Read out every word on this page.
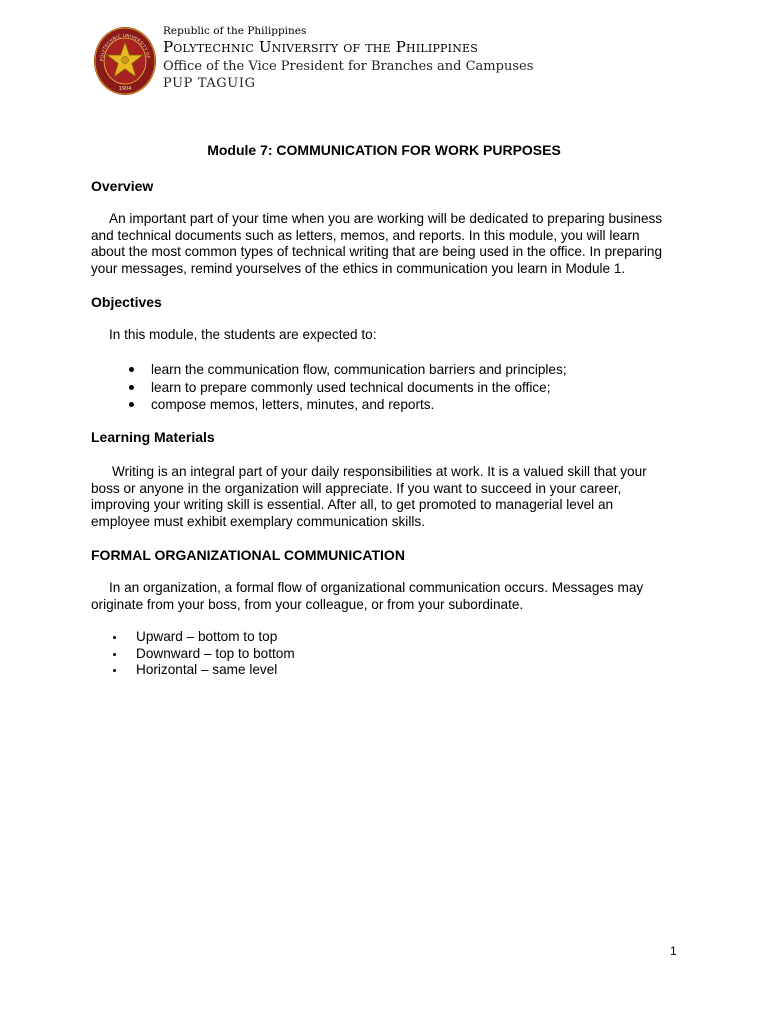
POLYTECHNIC UNIVERSITY OF
1904
Republic of the Philippines
Polytechnic University of the Philippines
Office of the Vice President for Branches and Campuses
PUP TAGUIG
Module 7: COMMUNICATION FOR WORK PURPOSES
Overview
An important part of your time when you are working will be dedicated to preparing business
and technical documents such as letters, memos, and reports. In this module, you will learn
about the most common types of technical writing that are being used in the office. In preparing
your messages, remind yourselves of the ethics in communication you learn in Module 1.
Objectives
In this module, the students are expected to:
learn the communication flow, communication barriers and principles;
learn to prepare commonly used technical documents in the office;
compose memos, letters, minutes, and reports.
Learning Materials
Writing is an integral part of your daily responsibilities at work. It is a valued skill that your
boss or anyone in the organization will appreciate. If you want to succeed in your career,
improving your writing skill is essential. After all, to get promoted to managerial level an
employee must exhibit exemplary communication skills.
FORMAL ORGANIZATIONAL COMMUNICATION
In an organization, a formal flow of organizational communication occurs. Messages may
originate from your boss, from your colleague, or from your subordinate.
Upward – bottom to top
Downward – top to bottom
Horizontal – same level
1
